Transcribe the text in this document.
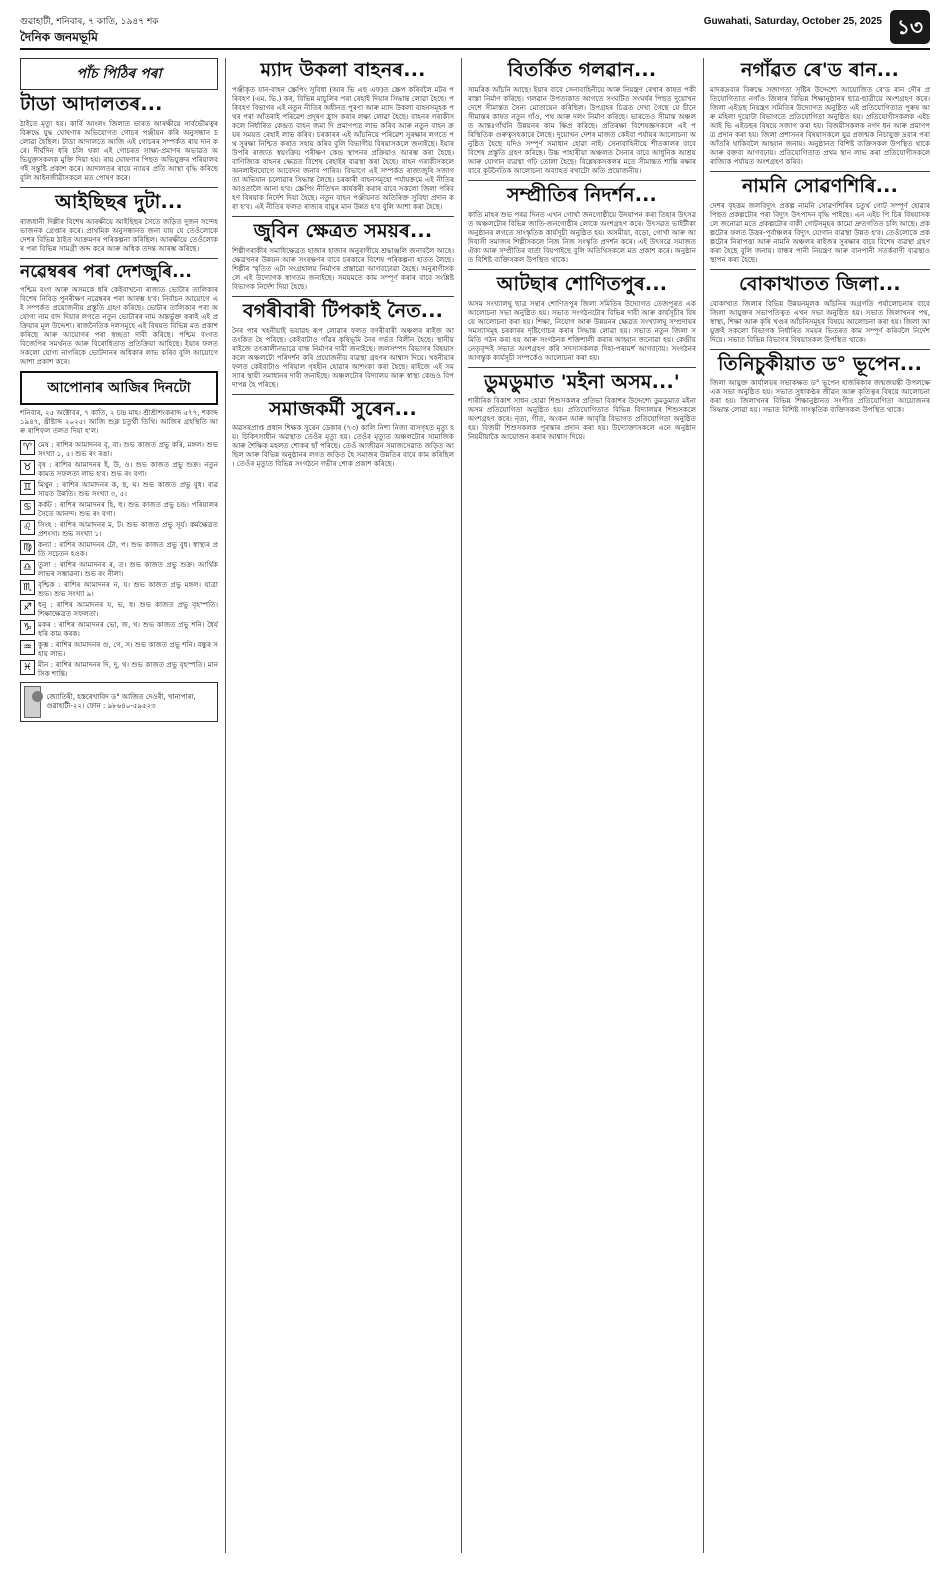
গুৱাহাটী, শনিবাৰ, ৭ কাতি, ১৯৪৭ শক
দৈনিক জনমভূমি
Guwahati, Saturday, October 25, 2025 ১৩
পাঁচ পিঠিৰ পৰা
টাডা আদালতৰ...
ঠাইতে মৃত্যু হয়। কাৰ্বি আংলং জিলাত ভাৰত আৰক্ষীয়ে সাৰ্বভৌমত্বৰ বিৰুদ্ধে যুদ্ধ ঘোষণাৰ অভিযোগত গোচৰ পঞ্জীয়ন কৰি অনুসন্ধান চলোৱা হৈছিল। টাডা আদালতে আজি এই গোচৰৰ সম্পৰ্কত ৰায় দান কৰে। দীৰ্ঘদিন ধৰি চলি থকা এই গোচৰত সাক্ষ্য-প্ৰমাণৰ অভাৱত অভিযুক্তসকলক মুক্তি দিয়া হয়। ৰায় ঘোষণাৰ পিছত অভিযুক্তৰ পৰিয়ালবৰ্গই সন্তুষ্টি প্ৰকাশ কৰে। আদালতৰ ৰায়ে ন্যায়ৰ প্ৰতি আস্থা বৃদ্ধি কৰিছে বুলি আইনজীৱীসকলে মত পোষণ কৰে।
আইছিছৰ দুটা...
ৰাজধানী দিল্লীৰ বিশেষ আৰক্ষীয়ে আইছিছৰ সৈতে জড়িত দুজন সন্দেহভাজনক গ্ৰেপ্তাৰ কৰে। প্ৰাথমিক অনুসন্ধানত জনা যায় যে তেওঁলোকে দেশৰ বিভিন্ন ঠাইত আক্ৰমণৰ পৰিকল্পনা কৰিছিল। আৰক্ষীয়ে তেওঁলোকৰ পৰা বিভিন্ন সামগ্ৰী জব্দ কৰে আৰু অধিক তদন্ত আৰম্ভ কৰিছে।
নৱেম্বৰৰ পৰা দেশজুৰি...
পশ্চিম বংগ আৰু অসমকে ধৰি কেইবাখনো ৰাজ্যত ভোটাৰ তালিকাৰ বিশেষ নিবিড় পুনৰীক্ষণ নৱেম্বৰৰ পৰা আৰম্ভ হ'ব। নিৰ্বাচন আয়োগে এই সম্পৰ্কত প্ৰয়োজনীয় প্ৰস্তুতি গ্ৰহণ কৰিছে। ভোটাৰ তালিকাৰ পৰা অযোগ্য নাম বাদ দিয়াৰ লগতে নতুন ভোটাৰৰ নাম অন্তৰ্ভুক্ত কৰাই এই প্ৰক্ৰিয়াৰ মূল উদ্দেশ্য। ৰাজনৈতিক দলসমূহে এই বিষয়ত বিভিন্ন মত প্ৰকাশ কৰিছে আৰু আয়োগৰ পৰা স্বচ্ছতা দাবী কৰিছে। পশ্চিম বংগত বিজেপিৰ সমৰ্থনত আৰু বিৰোধিতাত প্ৰতিক্ৰিয়া আহিছে। ইয়াৰ ফলত সকলো যোগ্য নাগৰিকে ভোটদানৰ অধিকাৰ লাভ কৰিব বুলি আয়োগে আশা প্ৰকাশ কৰে।
আপোনাৰ আজিৰ দিনটো
শনিবাৰ, ২৫ অক্টোবৰ, ৭ কাতি, ২ চন্দ্ৰ মাহ। শ্ৰীশ্ৰীশংকৰাব্দ ৫৭৭, শকাব্দ ১৯৪৭, খ্ৰীষ্টাব্দ ২০২৫। আজি শুক্ল চতুৰ্থী তিথি। আজিৰ গ্ৰহস্থিতি আৰু ৰাশিফল তলত দিয়া হ'ল।
♈ মেষ : ৰাশিৰ আমাদনৰ বৃ, বা। শুভ কাজত প্ৰভু কৰি, মঙ্গল। শুভ সংখ্যা ১, ৫। শুভ ৰং ৰঙা।
♉ বৃষ : ৰাশিৰ আমাদনৰ ই, উ, ও। শুভ কাজত প্ৰভু শুক্ৰ। নতুন কামত সফলতা লাভ হ'ব। শুভ ৰং বগা।
♊ মিথুন : ৰাশিৰ আমাদনৰ ক, ছ, ঘ। শুভ কাজত প্ৰভু বুধ। ব্যৱসায়ত উন্নতি। শুভ সংখ্যা ৩, ৫।
♋ কৰ্কট : ৰাশিৰ আমাদনৰ হি, হু। শুভ কাজত প্ৰভু চন্দ্ৰ। পৰিয়ালৰ সৈতে আনন্দ। শুভ ৰং বগা।
♌ সিংহ : ৰাশিৰ আমাদনৰ ম, ট। শুভ কাজত প্ৰভু সূৰ্য। কৰ্মক্ষেত্ৰত প্ৰশংসা। শুভ সংখ্যা ১।
♍ কন্যা : ৰাশিৰ আমাদনৰ টো, প। শুভ কাজত প্ৰভু বুধ। স্বাস্থ্যৰ প্ৰতি সচেতন হওক।
♎ তুলা : ৰাশিৰ আমাদনৰ ৰ, ত। শুভ কাজত প্ৰভু শুক্ৰ। আৰ্থিক লাভৰ সম্ভাৱনা। শুভ ৰং নীলা।
♏ বৃশ্চিক : ৰাশিৰ আমাদনৰ ন, য। শুভ কাজত প্ৰভু মঙ্গল। যাত্ৰা শুভ। শুভ সংখ্যা ৯।
♐ ধনু : ৰাশিৰ আমাদনৰ য, ভ, ধ। শুভ কাজত প্ৰভু বৃহস্পতি। শিক্ষাক্ষেত্ৰত সফলতা।
♑ মকৰ : ৰাশিৰ আমাদনৰ ভো, জ, খ। শুভ কাজত প্ৰভু শনি। ধৈৰ্য ধৰি কাম কৰক।
♒ কুম্ভ : ৰাশিৰ আমাদনৰ গু, গে, স। শুভ কাজত প্ৰভু শনি। বন্ধুৰ সহায় লাভ।
♓ মীন : ৰাশিৰ আমাদনৰ দি, দু, থ। শুভ কাজত প্ৰভু বৃহস্পতি। মানসিক শান্তি।
জ্যোতিষী, হস্তৰেখাবিদ ড° আজিত দেওৰী, খানাপাৰা, গুৱাহাটী-২২। ফোন : ৯৮৬৪০-৫৯৫২৩
ম্যাদ উকলা বাহনৰ...
পঞ্জীকৃত যান-বাহন স্ক্ৰেপিং সুবিধা (আৰ ভি এছ এফ)ত স্ক্ৰেপ কৰিবলৈ মটৰ পৰিবহণ (এম. ভি.) কৰ, বিভিন্ন মাচুলিৰ পৰা ৰেহাই দিয়াৰ সিদ্ধান্ত লোৱা হৈছে। পৰিবহণ বিভাগৰ এই নতুন নীতিৰ অধীনত পুৰণা আৰু ম্যাদ উকলা বাহনসমূহক পথৰ পৰা আঁতৰাই পৰিৱেশ প্ৰদূষণ হ্ৰাস কৰাৰ লক্ষ্য লোৱা হৈছে। বাহনৰ গৰাকীসকলে নিৰ্ধাৰিত কেন্দ্ৰত বাহন জমা দি প্ৰমাণপত্ৰ লাভ কৰিব আৰু নতুন বাহন ক্ৰয়ৰ সময়ত ৰেহাই লাভ কৰিব। চৰকাৰৰ এই আঁচনিয়ে পৰিৱেশ সুৰক্ষাৰ লগতে পথ সুৰক্ষা নিশ্চিত কৰাত সহায় কৰিব বুলি বিভাগীয় বিষয়াসকলে জনাইছে। ইয়াৰ উপৰি ৰাজ্যত স্বয়ংক্ৰিয় পৰীক্ষণ কেন্দ্ৰ স্থাপনৰ প্ৰক্ৰিয়াও আৰম্ভ কৰা হৈছে। বাণিজ্যিক বাহনৰ ক্ষেত্ৰত বিশেষ ৰেহাইৰ ব্যৱস্থা কৰা হৈছে। বাহন গৰাকীসকলে অনলাইনযোগে আবেদন জনাব পাৰিব। বিভাগে এই সম্পৰ্কত ৰাজ্যজুৰি সজাগতা অভিযান চলোৱাৰ সিদ্ধান্ত লৈছে। চৰকাৰী বাহনসমূহো পৰ্যায়ক্ৰমে এই নীতিৰ আওতালৈ আনা হ'ব। স্ক্ৰেপিং নীতিখন কাৰ্যকৰী কৰাৰ বাবে সকলো জিলা পৰিবহণ বিষয়াক নিৰ্দেশ দিয়া হৈছে। নতুন বাহন পঞ্জীয়নত অতিৰিক্ত সুবিধা প্ৰদান কৰা হ'ব। এই নীতিৰ ফলত ৰাজ্যৰ বায়ুৰ মান উন্নত হ'ব বুলি আশা কৰা হৈছে।
জুবিন ক্ষেত্ৰত সময়ৰ...
শিল্পীগৰাকীৰ সমাধিক্ষেত্ৰত হাজাৰ হাজাৰ অনুৰাগীয়ে শ্ৰদ্ধাঞ্জলি জনাবলৈ আহে। ক্ষেত্ৰখনৰ উন্নয়ন আৰু সংৰক্ষণৰ বাবে চৰকাৰে বিশেষ পৰিকল্পনা হাতত লৈছে। শিল্পীৰ স্মৃতিত এটা সংগ্ৰহালয় নিৰ্মাণৰ প্ৰস্তাৱো আগবঢ়োৱা হৈছে। অনুৰাগীসকলে এই উদ্যোগক স্বাগতম জনাইছে। সময়মতে কাম সম্পূৰ্ণ কৰাৰ বাবে সংশ্লিষ্ট বিভাগক নিৰ্দেশ দিয়া হৈছে।
বগৰীবাৰী টিপকাই নৈত...
নৈৰ পাৰ খহনীয়াই ভয়াৱহ ৰূপ লোৱাৰ ফলত বগৰীবাৰী অঞ্চলৰ ৰাইজ আতংকিত হৈ পৰিছে। কেইবাটাও গাঁৱৰ কৃষিভূমি নৈৰ গৰ্ভত বিলীন হৈছে। স্থানীয় ৰাইজে তৎকালীনভাৱে বান্ধ নিৰ্মাণৰ দাবী জনাইছে। জলসম্পদ বিভাগৰ বিষয়াসকলে অঞ্চলটো পৰিদৰ্শন কৰি প্ৰয়োজনীয় ব্যৱস্থা গ্ৰহণৰ আশ্বাস দিয়ে। খহনীয়াৰ ফলত কেইবাটাও পৰিয়াল গৃহহীন হোৱাৰ আশংকা কৰা হৈছে। ৰাইজে এই সমস্যাৰ স্থায়ী সমাধানৰ দাবী জনাইছে। অঞ্চলটোৰ বিদ্যালয় আৰু স্বাস্থ্য কেন্দ্ৰও বিপদাপন্ন হৈ পৰিছে।
সমাজকৰ্মী সুৰেন...
অৱসৰপ্ৰাপ্ত প্ৰধান শিক্ষক সুৰেন ডেকাৰ (৭৩) কালি নিশা নিজা বাসগৃহত মৃত্যু হয়। চিকিৎসাধীন অৱস্থাত তেওঁৰ মৃত্যু হয়। তেওঁৰ মৃত্যুত অঞ্চলটোৰ সামাজিক আৰু শৈক্ষিক মহলত শোকৰ ছাঁ পৰিছে। তেওঁ আজীৱন সমাজসেৱাত জড়িত আছিল আৰু বিভিন্ন অনুষ্ঠানৰ লগত জড়িত হৈ সমাজৰ উন্নতিৰ বাবে কাম কৰিছিল। তেওঁৰ মৃত্যুত বিভিন্ন সংগঠনে গভীৰ শোক প্ৰকাশ কৰিছে।
বিতৰ্কিত গলৱান...
সামৰিক আঁচনি আছে। ইয়াৰ বাবে সেনাবাহিনীয়ে আৰু নিয়ন্ত্ৰণ ৰেখাৰ কাষত পকী ৰাস্তা নিৰ্মাণ কৰিছে। গলৱান উপত্যকাত আগতে সংঘটিত সংঘৰ্ষৰ পিছত দুয়োখন দেশে সীমান্তত সৈন্য মোতায়েন কৰিছিল। উপগ্ৰহৰ চিত্ৰত দেখা গৈছে যে চীনে সীমান্তৰ কাষত নতুন গাঁও, পথ আৰু দলং নিৰ্মাণ কৰিছে। ভাৰতেও সীমান্ত অঞ্চলত আন্তঃগাঁথনি উন্নয়নৰ কাম ক্ষিপ্ৰ কৰিছে। প্ৰতিৰক্ষা বিশেষজ্ঞসকলে এই পৰিস্থিতিক গুৰুত্বসহকাৰে লৈছে। দুয়োখন দেশৰ মাজত কেইবা পৰ্যায়ৰ আলোচনা অনুষ্ঠিত হৈছে যদিও সম্পূৰ্ণ সমাধান হোৱা নাই। সেনাবাহিনীয়ে শীতকালৰ বাবে বিশেষ প্ৰস্তুতি গ্ৰহণ কৰিছে। উচ্চ পাহাৰীয়া অঞ্চলত সৈন্যৰ বাবে আধুনিক আশ্ৰয় আৰু যোগান ব্যৱস্থা গঢ়ি তোলা হৈছে। বিশ্লেষকসকলৰ মতে সীমান্তত শান্তি ৰক্ষাৰ বাবে কূটনৈতিক আলোচনা অব্যাহত ৰখাটো অতি প্ৰয়োজনীয়।
সম্প্ৰীতিৰ নিদৰ্শন...
কাতি মাহৰ শুভ পৰৱ দিনত এখন গোৰ্খা জনগোষ্ঠীয়ে উদযাপন কৰা তিহাৰ উৎসৱত অঞ্চলটোৰ বিভিন্ন জাতি-জনগোষ্ঠীৰ লোকে অংশগ্ৰহণ কৰে। উৎসৱত ভাইটীকা অনুষ্ঠানৰ লগতে সাংস্কৃতিক কাৰ্যসূচী অনুষ্ঠিত হয়। অসমীয়া, বড়ো, গোৰ্খা আৰু আদিবাসী সমাজৰ শিল্পীসকলে নিজ নিজ সংস্কৃতি প্ৰদৰ্শন কৰে। এই উৎসৱে সমাজত ঐক্য আৰু সম্প্ৰীতিৰ বাৰ্তা বিয়পাইছে বুলি অতিথিসকলে মত প্ৰকাশ কৰে। অনুষ্ঠানত বিশিষ্ট ব্যক্তিসকল উপস্থিত থাকে।
আটছাৰ শোণিতপুৰ...
অসম সংখ্যালঘু ছাত্ৰ সন্থাৰ শোণিতপুৰ জিলা সমিতিৰ উদ্যোগত তেজপুৰত এক আলোচনা সভা অনুষ্ঠিত হয়। সভাত সংগঠনটোৰ বিভিন্ন দাবী আৰু কাৰ্যসূচীৰ বিষয়ে আলোচনা কৰা হয়। শিক্ষা, নিয়োগ আৰু উন্নয়নৰ ক্ষেত্ৰত সংখ্যালঘু সম্প্ৰদায়ৰ সমস্যাসমূহ চৰকাৰৰ দৃষ্টিগোচৰ কৰাৰ সিদ্ধান্ত লোৱা হয়। সভাত নতুন জিলা সমিতি গঠন কৰা হয় আৰু সংগঠনক শক্তিশালী কৰাৰ আহ্বান জনোৱা হয়। কেন্দ্ৰীয় নেতৃবৃন্দই সভাত অংশগ্ৰহণ কৰি সদস্যসকলক দিহা-পৰামৰ্শ আগবঢ়ায়। সংগঠনৰ আগন্তুক কাৰ্যসূচী সম্পৰ্কেও আলোচনা কৰা হয়।
ডুমডুমাত 'মইনা অসম...'
শাৰীৰিক বিকাশ সাধন হোৱা শিশুসকলৰ প্ৰতিভা বিকাশৰ উদ্দেশ্যে ডুমডুমাত মইনা অসম প্ৰতিযোগিতা অনুষ্ঠিত হয়। প্ৰতিযোগিতাত বিভিন্ন বিদ্যালয়ৰ শিশুসকলে অংশগ্ৰহণ কৰে। নৃত্য, গীত, অংকন আৰু আবৃত্তি বিভাগত প্ৰতিযোগিতা অনুষ্ঠিত হয়। বিজয়ী শিশুসকলক পুৰস্কাৰ প্ৰদান কৰা হয়। উদ্যোক্তাসকলে এনে অনুষ্ঠান নিয়মীয়াকৈ আয়োজন কৰাৰ আশ্বাস দিয়ে।
নগাঁৱত ৰে'ড ৰান...
মাদকদ্ৰব্যৰ বিৰুদ্ধে সজাগতা সৃষ্টিৰ উদ্দেশ্যে আয়োজিত ৰে'ড ৰান দৌৰ প্ৰতিযোগিতাত নগাঁও জিলাৰ বিভিন্ন শিক্ষানুষ্ঠানৰ ছাত্ৰ-ছাত্ৰীয়ে অংশগ্ৰহণ কৰে। জিলা এইডছ নিয়ন্ত্ৰণ সমিতিৰ উদ্যোগত অনুষ্ঠিত এই প্ৰতিযোগিতাত পুৰুষ আৰু মহিলা দুয়োটা বিভাগতে প্ৰতিযোগিতা অনুষ্ঠিত হয়। প্ৰতিযোগীসকলক এইচ আই ভি এইডছৰ বিষয়ে সজাগ কৰা হয়। বিজয়ীসকলক নগদ ধন আৰু প্ৰমাণপত্ৰ প্ৰদান কৰা হয়। জিলা প্ৰশাসনৰ বিষয়াসকলে যুৱ প্ৰজন্মক নিচাযুক্ত দ্ৰব্যৰ পৰা আঁতৰি থাকিবলৈ আহ্বান জনায়। অনুষ্ঠানত বিশিষ্ট ব্যক্তিসকল উপস্থিত থাকে আৰু বক্তব্য আগবঢ়ায়। প্ৰতিযোগিতাত প্ৰথম স্থান লাভ কৰা প্ৰতিযোগীসকলে ৰাজ্যিক পৰ্যায়ত অংশগ্ৰহণ কৰিব।
নামনি সোৱণশিৰি...
দেশৰ বৃহত্তম জলবিদ্যুৎ প্ৰকল্প নামনি সোৱণশিৰিৰ চতুৰ্থ গোট সম্পূৰ্ণ হোৱাৰ পিছত প্ৰকল্পটোৰ পৰা বিদ্যুৎ উৎপাদন বৃদ্ধি পাইছে। এন এইচ পি চিৰ বিষয়াসকলে জনোৱা মতে প্ৰকল্পটোৰ বাকী গোটসমূহৰ কামো দ্ৰুতগতিত চলি আছে। প্ৰকল্পটোৰ ফলত উত্তৰ-পূৰ্বাঞ্চলৰ বিদ্যুৎ যোগান ব্যৱস্থা উন্নত হ'ব। তেওঁলোকে প্ৰকল্পটোৰ নিৰাপত্তা আৰু নামনি অঞ্চলৰ ৰাইজৰ সুৰক্ষাৰ বাবে বিশেষ ব্যৱস্থা গ্ৰহণ কৰা হৈছে বুলি জনায়। বান্ধৰ পানী নিয়ন্ত্ৰণ আৰু বানপানী সতৰ্কবাণী ব্যৱস্থাও স্থাপন কৰা হৈছে।
বোকাখাতত জিলা...
বোকাখাত জিলাৰ বিভিন্ন উন্নয়নমূলক আঁচনিৰ অগ্ৰগতি পৰ্যালোচনাৰ বাবে জিলা আয়ুক্তৰ সভাপতিত্বত এখন সভা অনুষ্ঠিত হয়। সভাত জিলাখনৰ পথ, স্বাস্থ্য, শিক্ষা আৰু কৃষি খণ্ডৰ আঁচনিসমূহৰ বিষয়ে আলোচনা কৰা হয়। জিলা আয়ুক্তই সকলো বিভাগক নিৰ্ধাৰিত সময়ৰ ভিতৰত কাম সম্পূৰ্ণ কৰিবলৈ নিৰ্দেশ দিয়ে। সভাত বিভিন্ন বিভাগৰ বিষয়াসকল উপস্থিত থাকে।
তিনিচুকীয়াত ড° ভূপেন...
জিলা আয়ুক্ত কাৰ্যালয়ৰ সভাকক্ষত ড° ভূপেন হাজৰিকাৰ জন্মজয়ন্তী উপলক্ষে এক সভা অনুষ্ঠিত হয়। সভাত সুধাকণ্ঠৰ জীৱন আৰু কৃতিত্বৰ বিষয়ে আলোচনা কৰা হয়। জিলাখনৰ বিভিন্ন শিক্ষানুষ্ঠানত সংগীত প্ৰতিযোগিতা আয়োজনৰ সিদ্ধান্ত লোৱা হয়। সভাত বিশিষ্ট সাংস্কৃতিক ব্যক্তিসকল উপস্থিত থাকে।
